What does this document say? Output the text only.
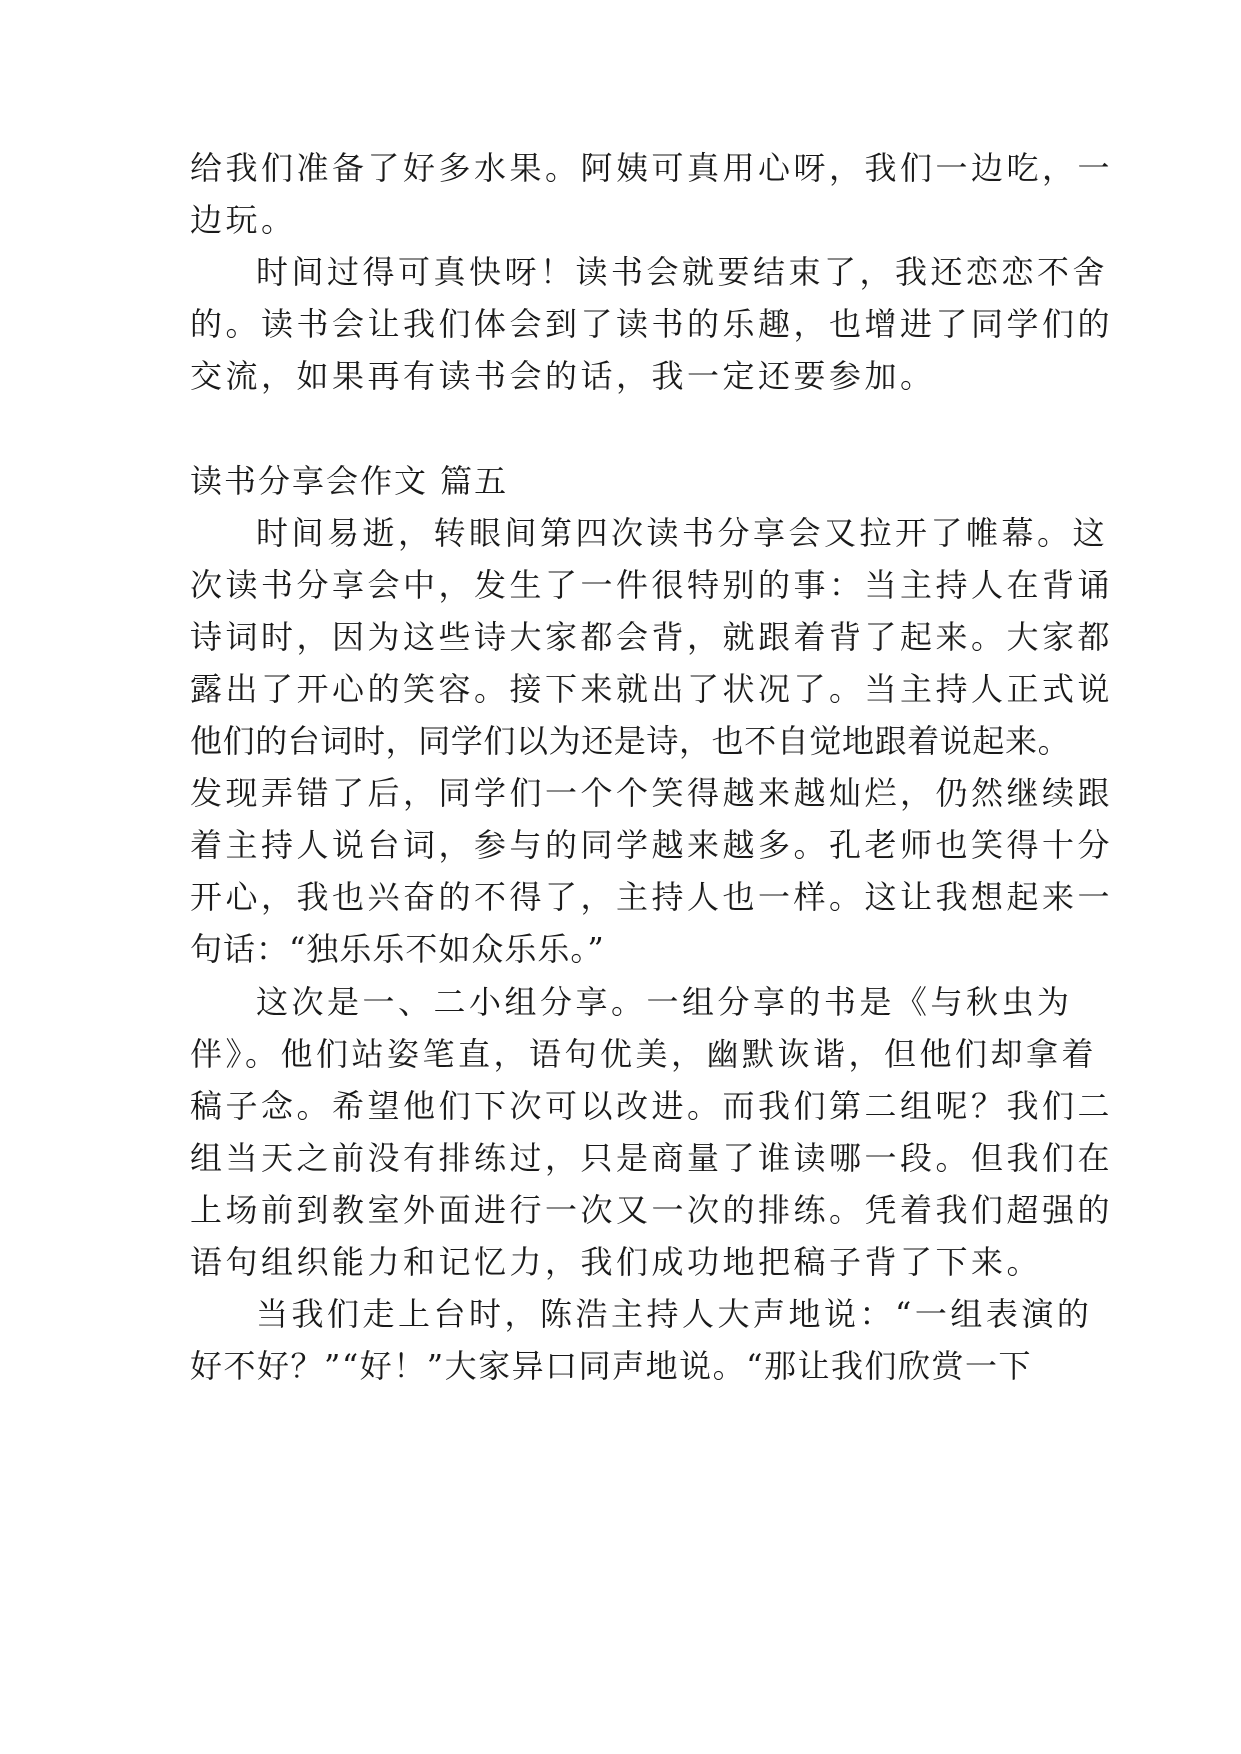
给我们准备了好多水果。阿姨可真用心呀，我们一边吃，一
边玩。
时间过得可真快呀！读书会就要结束了，我还恋恋不舍
的。读书会让我们体会到了读书的乐趣，也增进了同学们的
交流，如果再有读书会的话，我一定还要参加。
读书分享会作文 篇五
时间易逝，转眼间第四次读书分享会又拉开了帷幕。这
次读书分享会中，发生了一件很特别的事：当主持人在背诵
诗词时，因为这些诗大家都会背，就跟着背了起来。大家都
露出了开心的笑容。接下来就出了状况了。当主持人正式说
他们的台词时，同学们以为还是诗，也不自觉地跟着说起来。
发现弄错了后，同学们一个个笑得越来越灿烂，仍然继续跟
着主持人说台词，参与的同学越来越多。孔老师也笑得十分
开心，我也兴奋的不得了，主持人也一样。这让我想起来一
句话：“独乐乐不如众乐乐。”
这次是一、二小组分享。一组分享的书是《与秋虫为
伴》。他们站姿笔直，语句优美，幽默诙谐，但他们却拿着
稿子念。希望他们下次可以改进。而我们第二组呢？我们二
组当天之前没有排练过，只是商量了谁读哪一段。但我们在
上场前到教室外面进行一次又一次的排练。凭着我们超强的
语句组织能力和记忆力，我们成功地把稿子背了下来。
当我们走上台时，陈浩主持人大声地说：“一组表演的
好不好？”“好！”大家异口同声地说。“那让我们欣赏一下
